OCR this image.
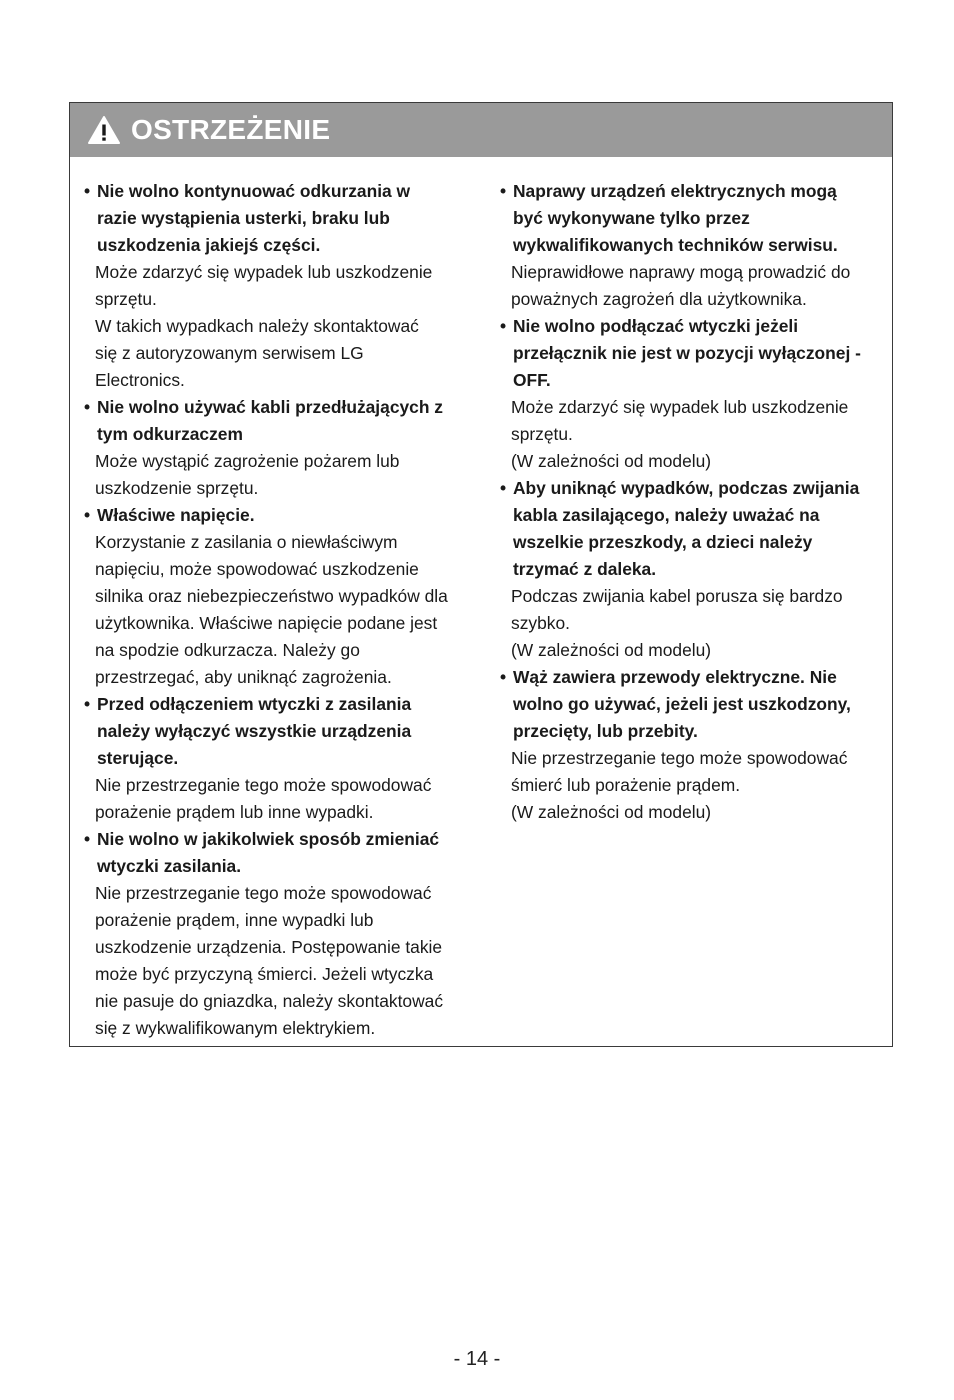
OSTRZEŻENIE
• Nie wolno kontynuować odkurzania w
razie wystąpienia usterki, braku lub
uszkodzenia jakiejś części.
Może zdarzyć się wypadek lub uszkodzenie
sprzętu.
W takich wypadkach należy skontaktować
się z autoryzowanym serwisem LG
Electronics.
• Nie wolno używać kabli przedłużających z
tym odkurzaczem
Może wystąpić zagrożenie pożarem lub
uszkodzenie sprzętu.
• Właściwe napięcie.
Korzystanie z zasilania o niewłaściwym
napięciu, może spowodować uszkodzenie
silnika oraz niebezpieczeństwo wypadków dla
użytkownika. Właściwe napięcie podane jest
na spodzie odkurzacza. Należy go
przestrzegać, aby uniknąć zagrożenia.
• Przed odłączeniem wtyczki z zasilania
należy wyłączyć wszystkie urządzenia
sterujące.
Nie przestrzeganie tego może spowodować
porażenie prądem lub inne wypadki.
• Nie wolno w jakikolwiek sposób zmieniać
wtyczki zasilania.
Nie przestrzeganie tego może spowodować
porażenie prądem, inne wypadki lub
uszkodzenie urządzenia. Postępowanie takie
może być przyczyną śmierci. Jeżeli wtyczka
nie pasuje do gniazdka, należy skontaktować
się z wykwalifikowanym elektrykiem.
• Naprawy urządzeń elektrycznych mogą
być wykonywane tylko przez
wykwalifikowanych techników serwisu.
Nieprawidłowe naprawy mogą prowadzić do
poważnych zagrożeń dla użytkownika.
• Nie wolno podłączać wtyczki jeżeli
przełącznik nie jest w pozycji wyłączonej -
OFF.
Może zdarzyć się wypadek lub uszkodzenie
sprzętu.
(W zależności od modelu)
• Aby uniknąć wypadków, podczas zwijania
kabla zasilającego, należy uważać na
wszelkie przeszkody, a dzieci należy
trzymać z daleka.
Podczas zwijania kabel porusza się bardzo
szybko.
(W zależności od modelu)
• Wąż zawiera przewody elektryczne. Nie
wolno go używać, jeżeli jest uszkodzony,
przecięty, lub przebity.
Nie przestrzeganie tego może spowodować
śmierć lub porażenie prądem.
(W zależności od modelu)
- 14 -
